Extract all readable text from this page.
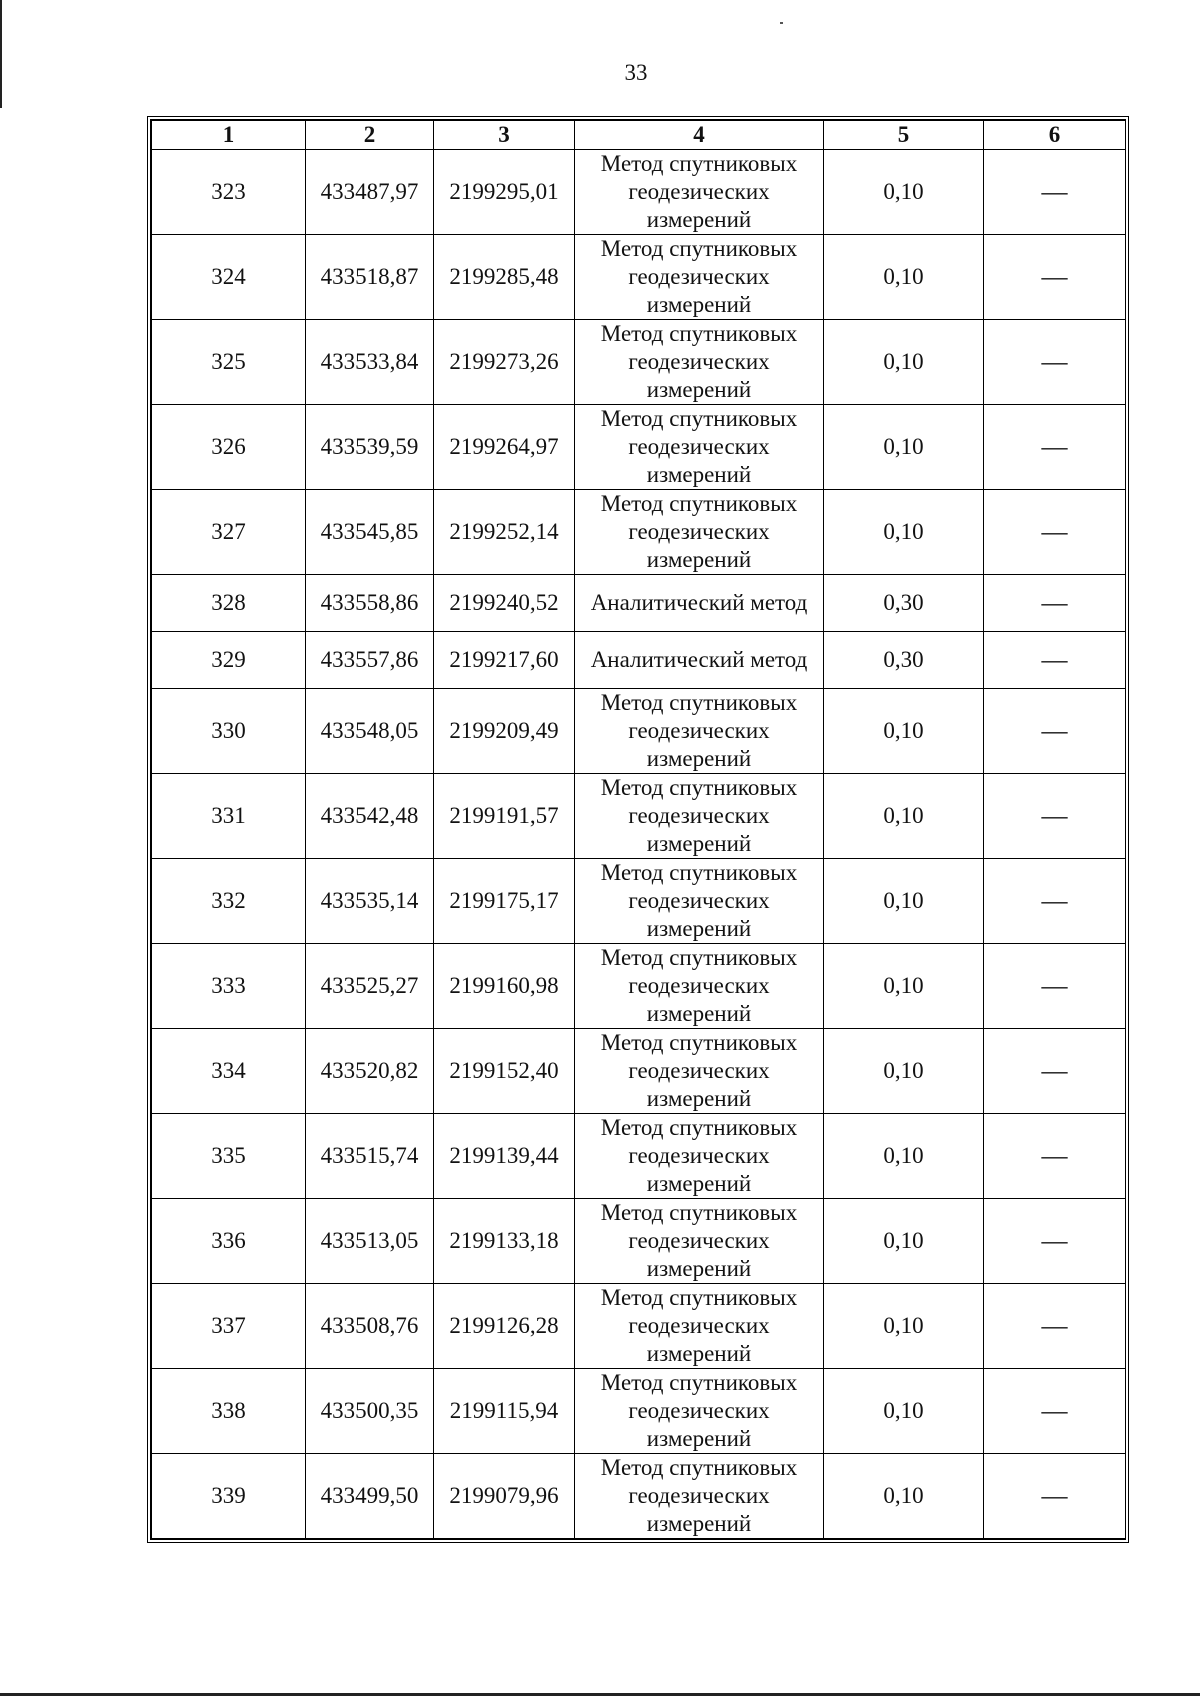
33
1	2	3	4	5	6
323	433487,97	2199295,01	Метод спутниковых геодезических измерений	0,10	—
324	433518,87	2199285,48	Метод спутниковых геодезических измерений	0,10	—
325	433533,84	2199273,26	Метод спутниковых геодезических измерений	0,10	—
326	433539,59	2199264,97	Метод спутниковых геодезических измерений	0,10	—
327	433545,85	2199252,14	Метод спутниковых геодезических измерений	0,10	—
328	433558,86	2199240,52	Аналитический метод	0,30	—
329	433557,86	2199217,60	Аналитический метод	0,30	—
330	433548,05	2199209,49	Метод спутниковых геодезических измерений	0,10	—
331	433542,48	2199191,57	Метод спутниковых геодезических измерений	0,10	—
332	433535,14	2199175,17	Метод спутниковых геодезических измерений	0,10	—
333	433525,27	2199160,98	Метод спутниковых геодезических измерений	0,10	—
334	433520,82	2199152,40	Метод спутниковых геодезических измерений	0,10	—
335	433515,74	2199139,44	Метод спутниковых геодезических измерений	0,10	—
336	433513,05	2199133,18	Метод спутниковых геодезических измерений	0,10	—
337	433508,76	2199126,28	Метод спутниковых геодезических измерений	0,10	—
338	433500,35	2199115,94	Метод спутниковых геодезических измерений	0,10	—
339	433499,50	2199079,96	Метод спутниковых геодезических измерений	0,10	—
